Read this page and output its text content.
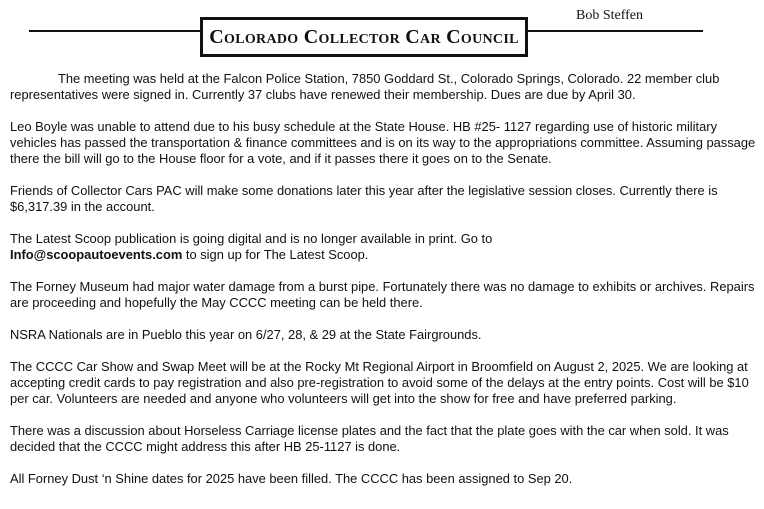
Bob Steffen
Colorado Collector Car Council

The meeting was held at the Falcon Police Station, 7850 Goddard St., Colorado Springs, Colorado. 22 member club representatives were signed in. Currently 37 clubs have renewed their membership. Dues are due by April 30.

Leo Boyle was unable to attend due to his busy schedule at the State House. HB #25- 1127 regarding use of historic military vehicles has passed the transportation & finance committees and is on its way to the appropriations committee. Assuming passage there the bill will go to the House floor for a vote, and if it passes there it goes on to the Senate.

Friends of Collector Cars PAC will make some donations later this year after the legislative session closes. Currently there is $6,317.39 in the account.

The Latest Scoop publication is going digital and is no longer available in print. Go to
Info@scoopautoevents.com to sign up for The Latest Scoop.

The Forney Museum had major water damage from a burst pipe. Fortunately there was no damage to exhibits or archives. Repairs are proceeding and hopefully the May CCCC meeting can be held there.

NSRA Nationals are in Pueblo this year on 6/27, 28, & 29 at the State Fairgrounds.

The CCCC Car Show and Swap Meet will be at the Rocky Mt Regional Airport in Broomfield on August 2, 2025. We are looking at accepting credit cards to pay registration and also pre-registration to avoid some of the delays at the entry points. Cost will be $10 per car. Volunteers are needed and anyone who volunteers will get into the show for free and have preferred parking.

There was a discussion about Horseless Carriage license plates and the fact that the plate goes with the car when sold. It was decided that the CCCC might address this after HB 25-1127 is done.

All Forney Dust ‘n Shine dates for 2025 have been filled. The CCCC has been assigned to Sep 20.
